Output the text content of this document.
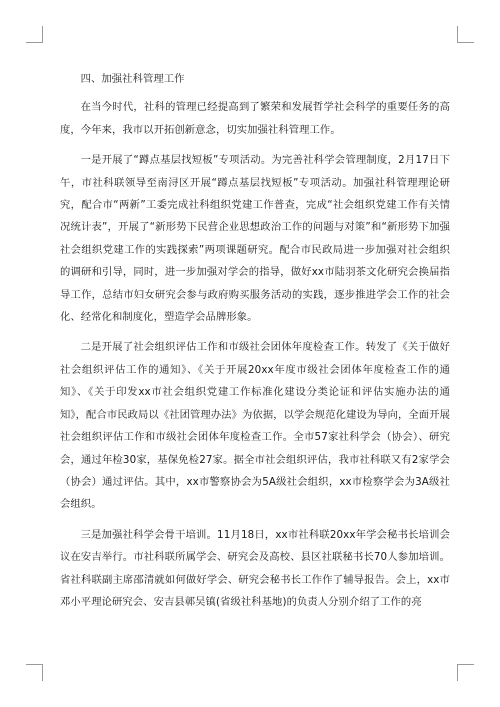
四、加强社科管理工作

在当今时代，社科的管理已经提高到了繁荣和发展哲学社会科学的重要任务的高度，今年来，我市以开拓创新意念，切实加强社科管理工作。

一是开展了“蹲点基层找短板”专项活动。为完善社科学会管理制度，2月17日下午，市社科联领导至南浔区开展“蹲点基层找短板”专项活动。加强社科管理理论研究，配合市“两新”工委完成社科组织党建工作普查，完成“社会组织党建工作有关情况统计表”，开展了“新形势下民营企业思想政治工作的问题与对策”和“新形势下加强社会组织党建工作的实践探索”两项课题研究。配合市民政局进一步加强对社会组织的调研和引导，同时，进一步加强对学会的指导，做好xx市陆羽茶文化研究会换届指导工作，总结市妇女研究会参与政府购买服务活动的实践，逐步推进学会工作的社会化、经常化和制度化，塑造学会品牌形象。

二是开展了社会组织评估工作和市级社会团体年度检查工作。转发了《关于做好社会组织评估工作的通知》、《关于开展20xx年度市级社会团体年度检查工作的通知》、《关于印发xx市社会组织党建工作标准化建设分类论证和评估实施办法的通知》，配合市民政局以《社团管理办法》为依据，以学会规范化建设为导向，全面开展社会组织评估工作和市级社会团体年度检查工作。全市57家社科学会（协会）、研究会，通过年检30家，基保免检27家。据全市社会组织评估，我市社科联又有2家学会（协会）通过评估。其中，xx市警察协会为5A级社会组织，xx市检察学会为3A级社会组织。

三是加强社科学会骨干培训。11月18日，xx市社科联20xx年学会秘书长培训会议在安吉举行。市社科联所属学会、研究会及高校、县区社联秘书长70人参加培训。省社科联副主席邵清就如何做好学会、研究会秘书长工作作了辅导报告。会上，xx市邓小平理论研究会、安吉县鄣吴镇(省级社科基地)的负责人分别介绍了工作的亮
